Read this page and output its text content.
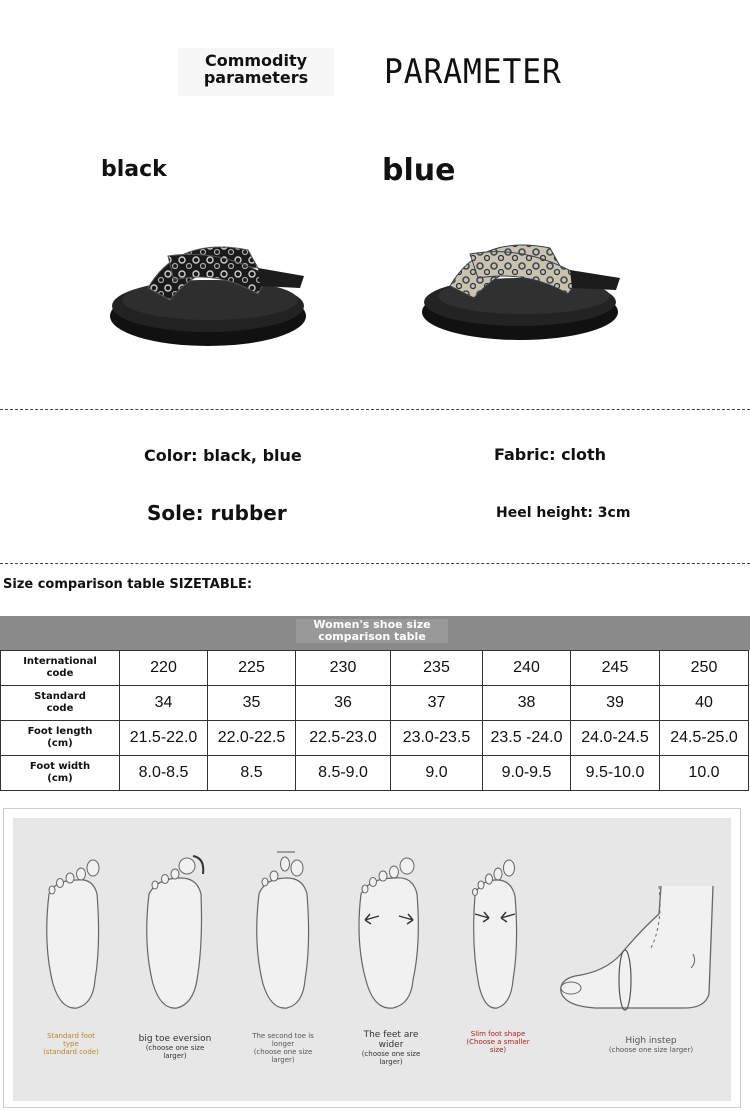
Commodity
parameters	PARAMETER
black	blue
Color: black, blue	Fabric: cloth
Sole: rubber	Heel height: 3cm
Size comparison table SIZETABLE:
Women's shoe size
comparison table
International
code	220	225	230	235	240	245	250

Standard
code	34	35	36	37	38	39	40

Foot length
(cm)	21.5-22.0	22.0-22.5	22.5-23.0	23.0-23.5	23.5 -24.0	24.0-24.5	24.5-25.0

Foot width
(cm)	8.0-8.5	8.5	8.5-9.0	9.0	9.0-9.5	9.5-10.0	10.0
Standard foot type
(standard code)
big toe eversion
(choose one size larger)
The second toe is longer
(choose one size larger)
The feet are wider
(choose one size larger)
Slim foot shape
(Choose a smaller size)
High instep
(choose one size larger)
